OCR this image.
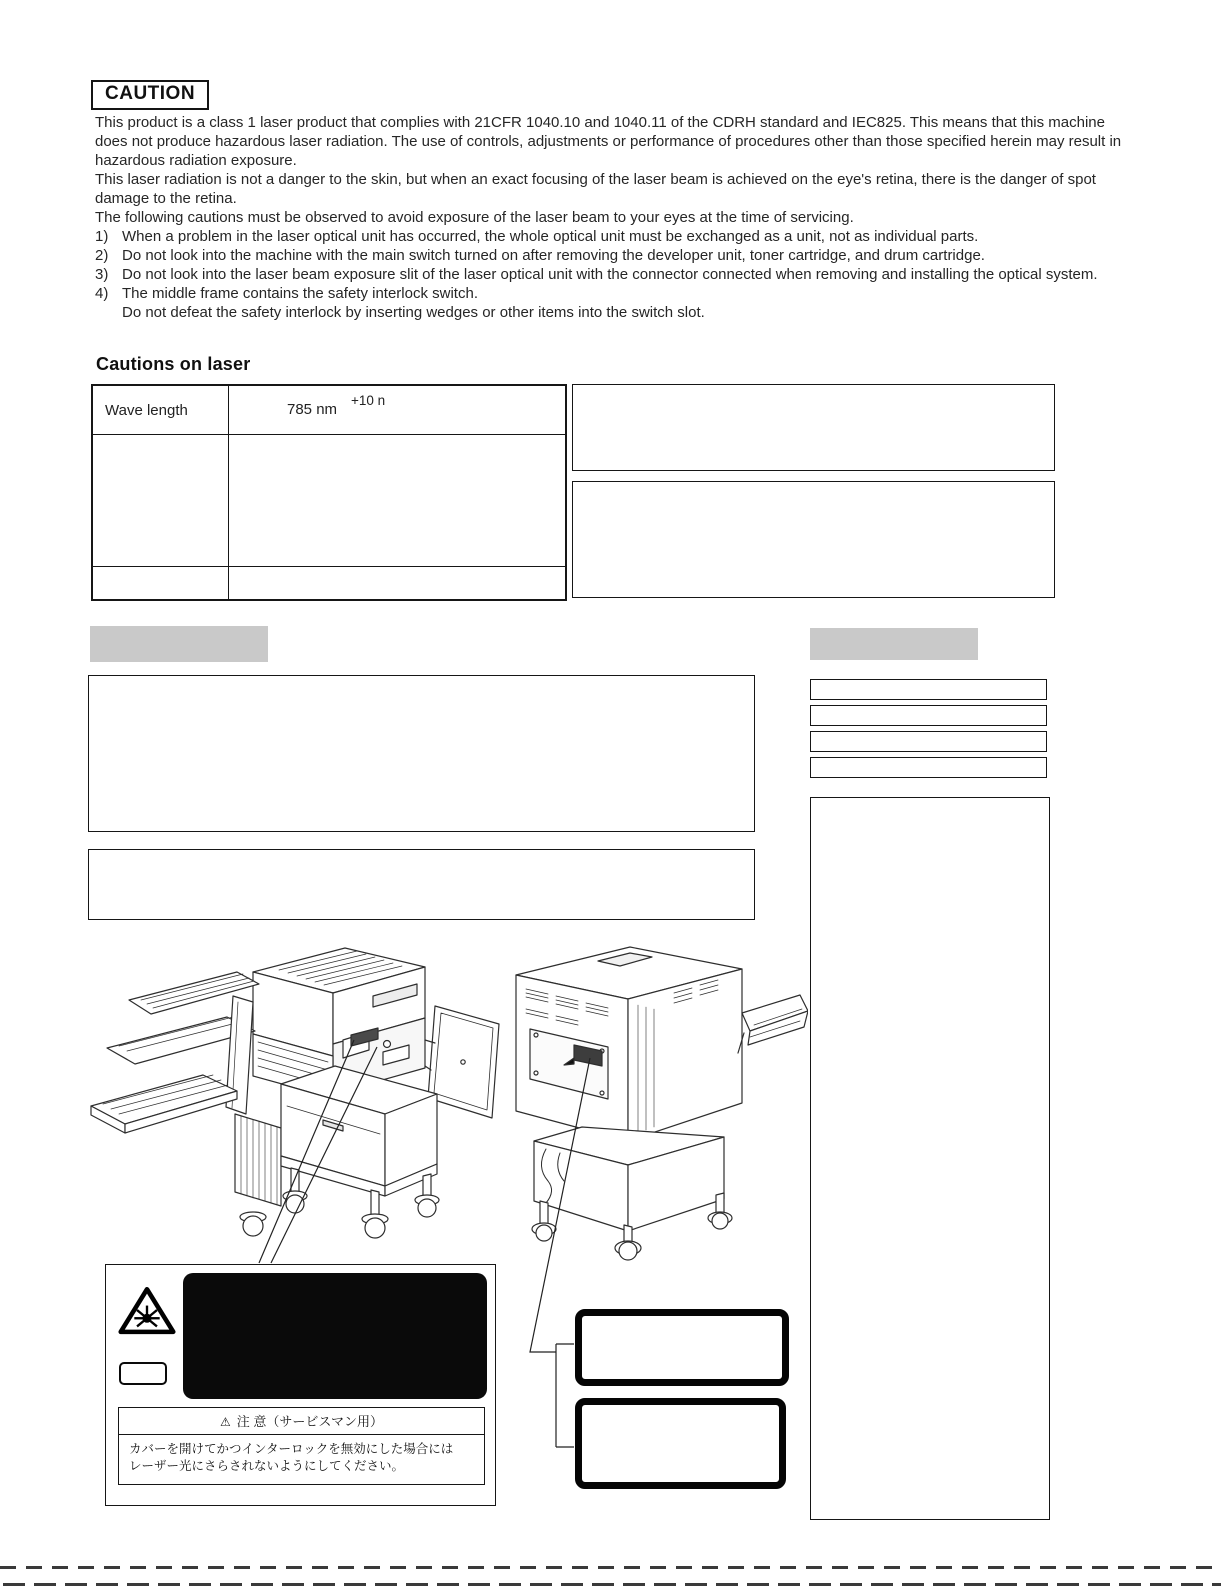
CAUTION

This product is a class 1 laser product that complies with 21CFR 1040.10 and 1040.11 of the CDRH standard and IEC825. This means that this machine does not produce hazardous laser radiation. The use of controls, adjustments or performance of procedures other than those specified herein may result in hazardous radiation exposure.

This laser radiation is not a danger to the skin, but when an exact focusing of the laser beam is achieved on the eye's retina, there is the danger of spot damage to the retina.

The following cautions must be observed to avoid exposure of the laser beam to your eyes at the time of servicing.

1) When a problem in the laser optical unit has occurred, the whole optical unit must be exchanged as a unit, not as individual parts.
2) Do not look into the machine with the main switch turned on after removing the developer unit, toner cartridge, and drum cartridge.
3) Do not look into the laser beam exposure slit of the laser optical unit with the connector connected when removing and installing the optical system.
4) The middle frame contains the safety interlock switch.
Do not defeat the safety interlock by inserting wedges or other items into the switch slot.
Cautions on laser
Wave length	785 nm
+10 n
⚠ 注 意（サービスマン用）
カバーを開けてかつインターロックを無効にした場合には
レーザー光にさらされないようにしてください。
